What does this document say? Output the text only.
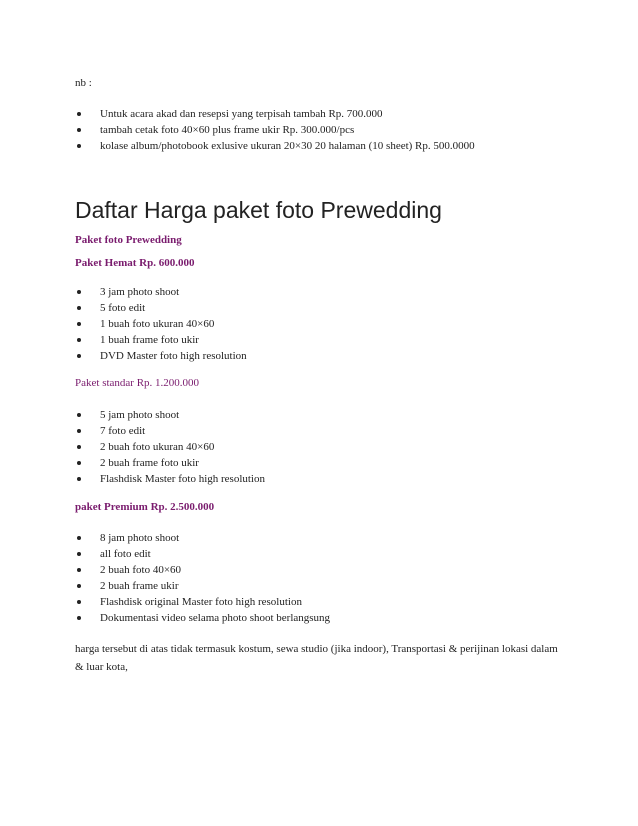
nb :
Untuk acara akad dan resepsi yang terpisah tambah Rp. 700.000
tambah cetak foto 40×60 plus frame ukir Rp. 300.000/pcs
kolase album/photobook exlusive ukuran 20×30 20 halaman (10 sheet) Rp. 500.0000
Daftar Harga paket foto Prewedding
Paket foto Prewedding
Paket Hemat Rp. 600.000
3 jam photo shoot
5 foto edit
1 buah foto ukuran 40×60
1 buah frame foto ukir
DVD Master foto high resolution
Paket standar Rp. 1.200.000
5 jam photo shoot
7 foto edit
2 buah foto ukuran 40×60
2 buah frame foto ukir
Flashdisk Master foto high resolution
paket Premium Rp. 2.500.000
8 jam photo shoot
all foto edit
2 buah foto 40×60
2 buah frame ukir
Flashdisk original Master foto high resolution
Dokumentasi video selama photo shoot berlangsung
harga tersebut di atas tidak termasuk kostum, sewa studio (jika indoor), Transportasi & perijinan lokasi dalam & luar kota,
